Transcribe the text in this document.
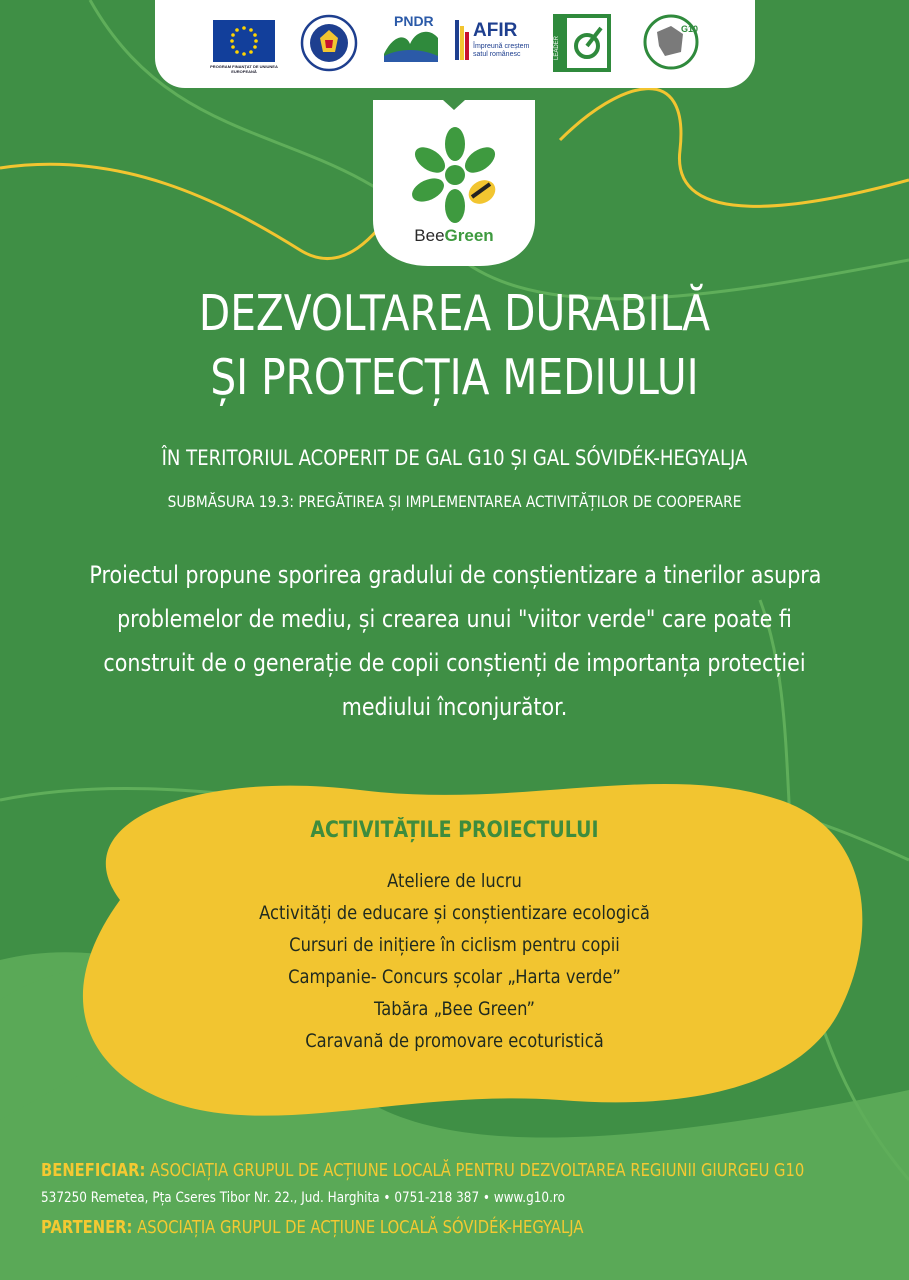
PROGRAM FINANȚAT DE UNIUNEA EUROPEANĂ
PNDR AFIR
Împreună creștem satul românesc	LEADER
G10
BeeGreen
DEZVOLTAREA DURABILĂ
ȘI PROTECȚIA MEDIULUI
ÎN TERITORIUL ACOPERIT DE GAL G10 ȘI GAL SÓVIDÉK-HEGYALJA
SUBMĂSURA 19.3: PREGĂTIREA ȘI IMPLEMENTAREA ACTIVITĂȚILOR DE COOPERARE
Proiectul propune sporirea gradului de conștientizare a tinerilor asupra
problemelor de mediu, și crearea unui "viitor verde" care poate fi
construit de o generație de copii conștienți de importanța protecției
mediului înconjurător.
ACTIVITĂȚILE PROIECTULUI
Ateliere de lucru
Activități de educare și conștientizare ecologică
Cursuri de inițiere în ciclism pentru copii
Campanie- Concurs școlar „Harta verde”
Tabăra „Bee Green”
Caravană de promovare ecoturistică
BENEFICIAR: ASOCIAȚIA GRUPUL DE ACȚIUNE LOCALĂ PENTRU DEZVOLTAREA REGIUNII GIURGEU G10
537250 Remetea, Pța Cseres Tibor Nr. 22., Jud. Harghita • 0751-218 387 • www.g10.ro
PARTENER: ASOCIAȚIA GRUPUL DE ACȚIUNE LOCALĂ SÓVIDÉK-HEGYALJA
